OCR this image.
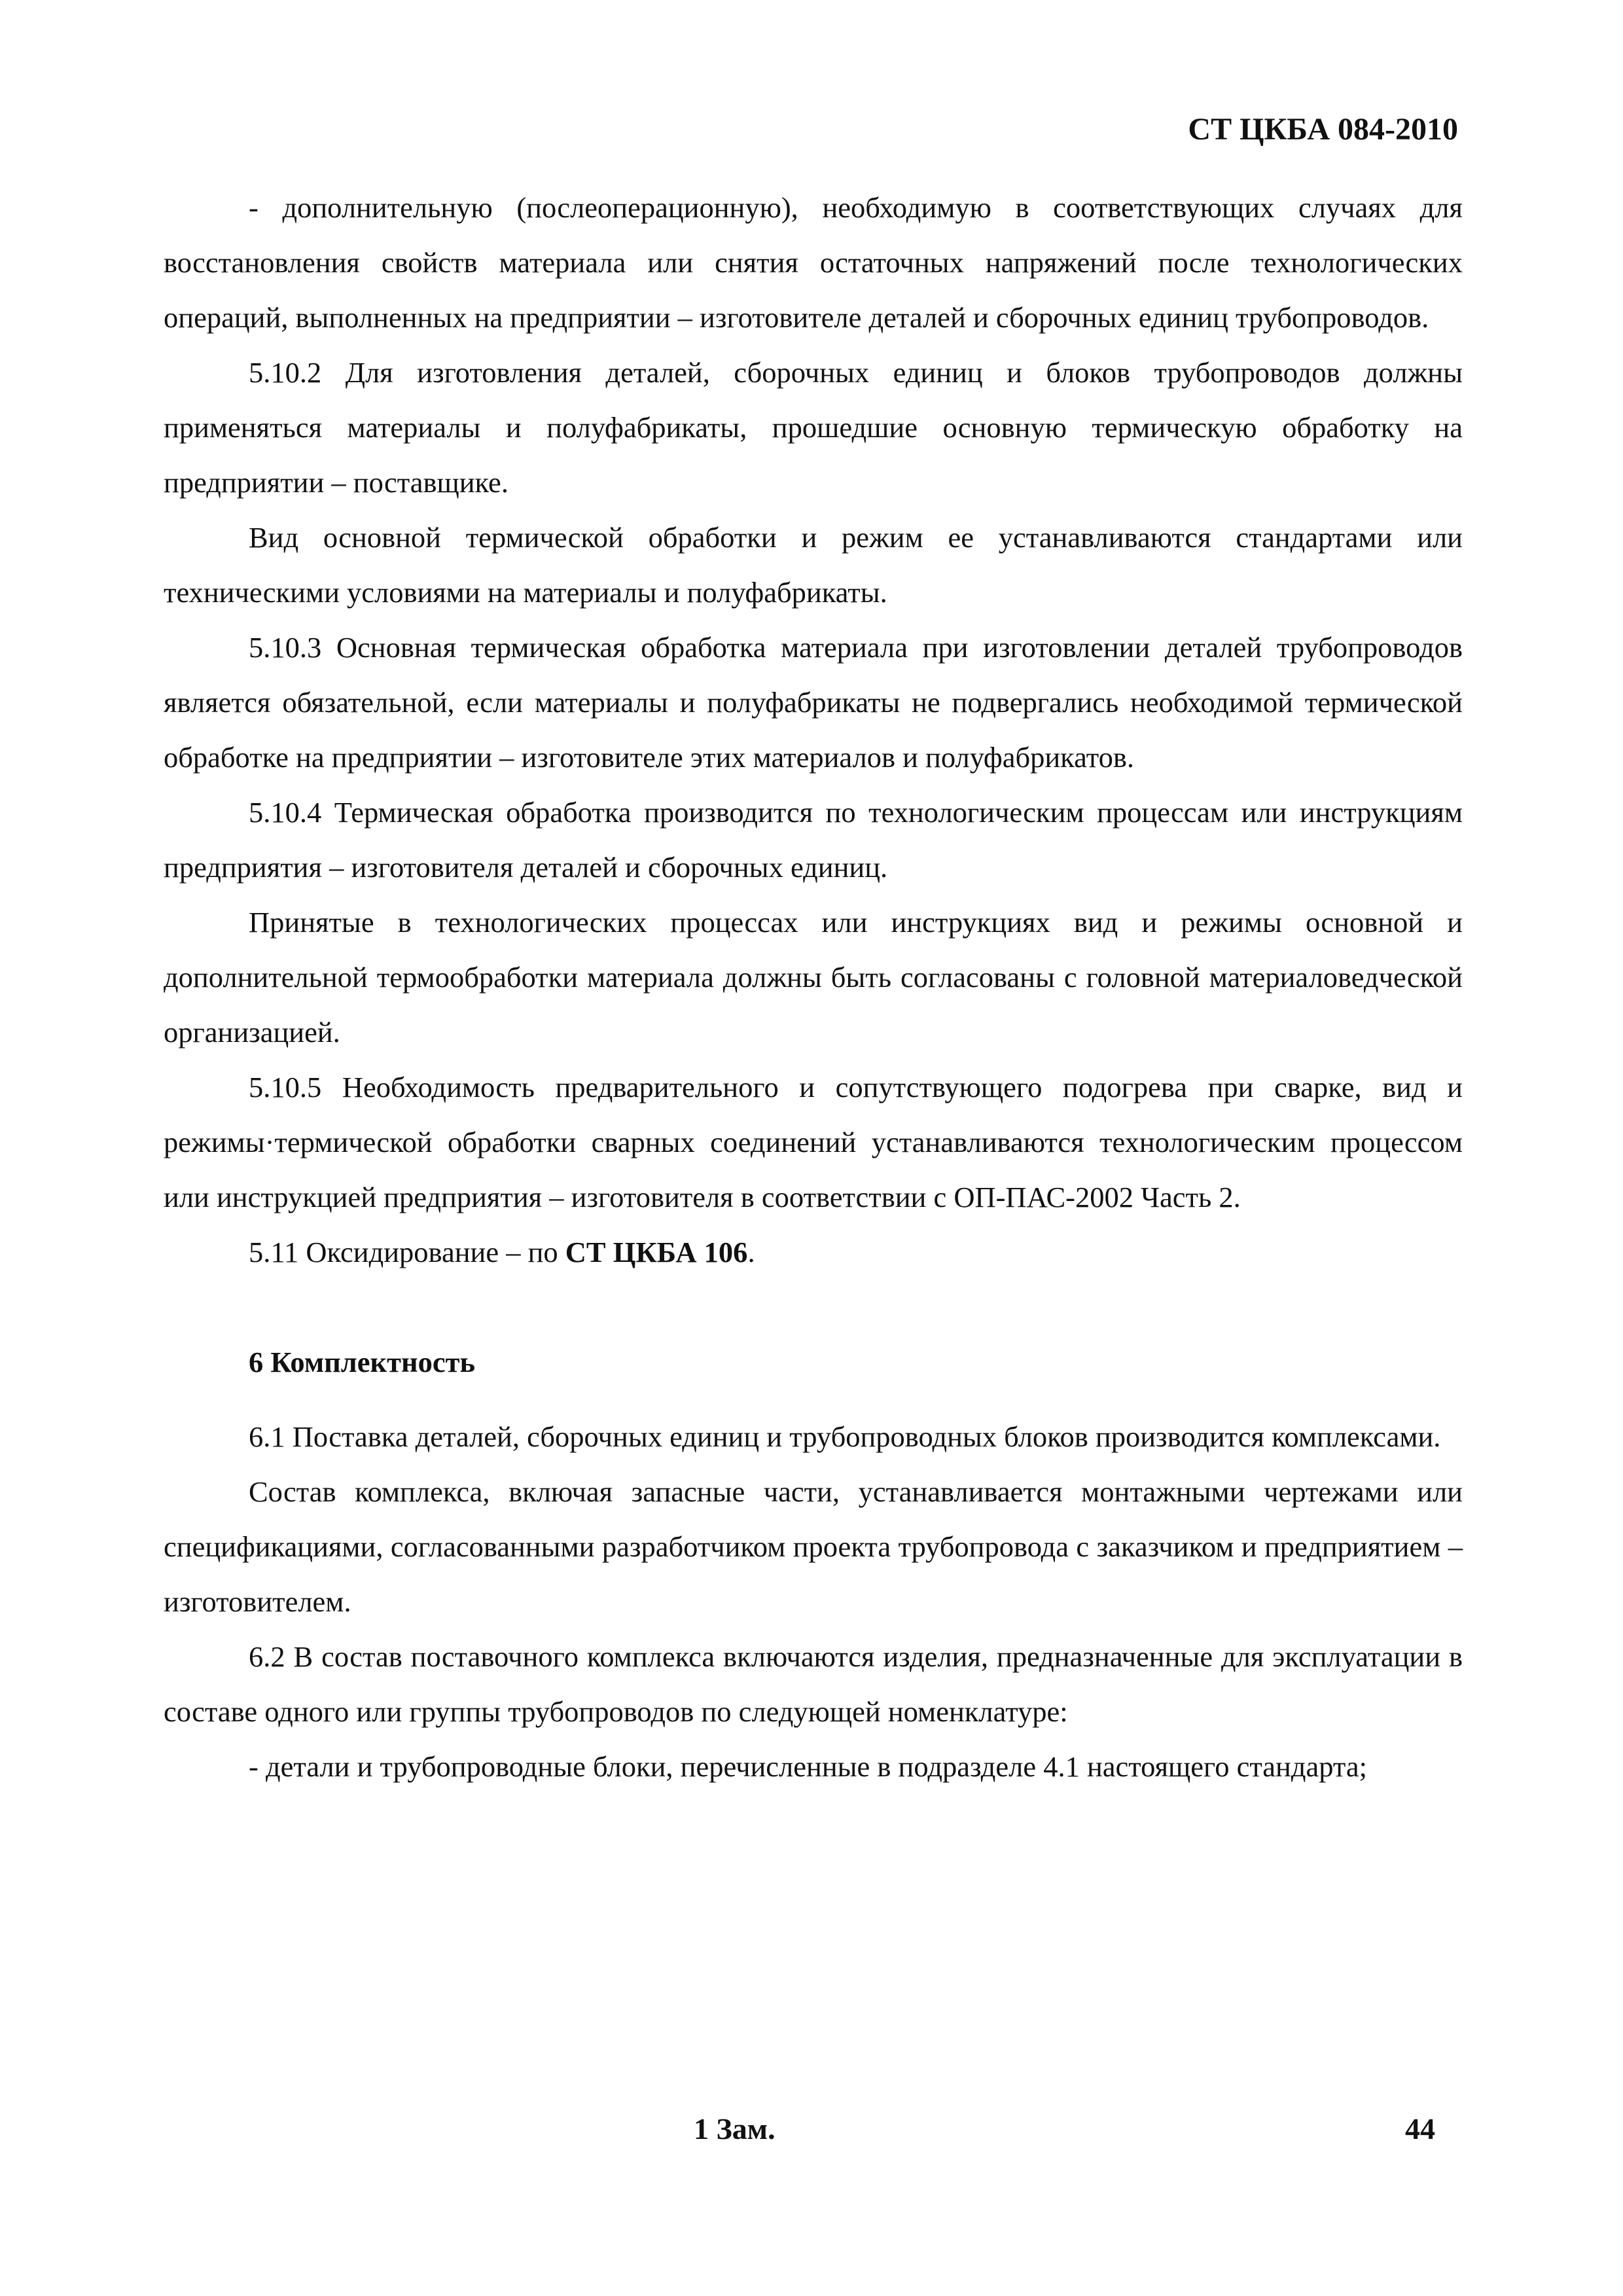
СТ ЦКБА 084-2010

- дополнительную (послеоперационную), необходимую в соответствующих случаях для восстановления свойств материала или снятия остаточных напряжений после технологических операций, выполненных на предприятии – изготовителе деталей и сборочных единиц трубопроводов.

5.10.2 Для изготовления деталей, сборочных единиц и блоков трубопроводов должны применяться материалы и полуфабрикаты, прошедшие основную термическую обработку на предприятии – поставщике.

Вид основной термической обработки и режим ее устанавливаются стандартами или техническими условиями на материалы и полуфабрикаты.

5.10.3 Основная термическая обработка материала при изготовлении деталей трубопроводов является обязательной, если материалы и полуфабрикаты не подвергались необходимой термической обработке на предприятии – изготовителе этих материалов и полуфабрикатов.

5.10.4 Термическая обработка производится по технологическим процессам или инструкциям предприятия – изготовителя деталей и сборочных единиц.

Принятые в технологических процессах или инструкциях вид и режимы основной и дополнительной термообработки материала должны быть согласованы с головной материаловедческой организацией.

5.10.5 Необходимость предварительного и сопутствующего подогрева при сварке, вид и режимы·термической обработки сварных соединений устанавливаются технологическим процессом или инструкцией предприятия – изготовителя в соответствии с ОП-ПАС-2002 Часть 2.

5.11 Оксидирование – по СТ ЦКБА 106.

6 Комплектность

6.1 Поставка деталей, сборочных единиц и трубопроводных блоков производится комплексами.

Состав комплекса, включая запасные части, устанавливается монтажными чертежами или спецификациями, согласованными разработчиком проекта трубопровода с заказчиком и предприятием – изготовителем.

6.2 В состав поставочного комплекса включаются изделия, предназначенные для эксплуатации в составе одного или группы трубопроводов по следующей номенклатуре:

- детали и трубопроводные блоки, перечисленные в подразделе 4.1 настоящего стандарта;

1 Зам.	44
